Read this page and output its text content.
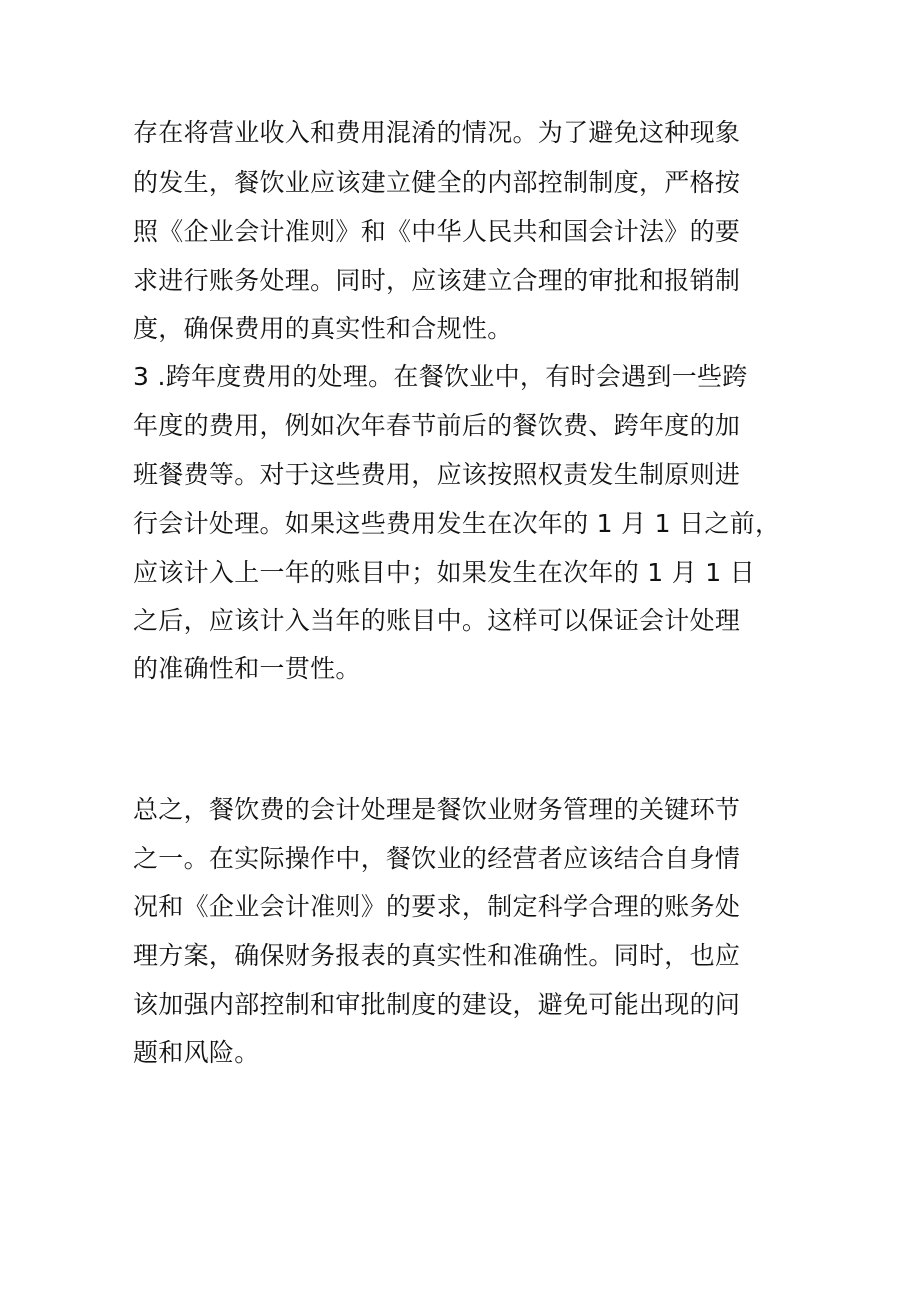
存在将营业收入和费用混淆的情况。为了避免这种现象
的发生，餐饮业应该建立健全的内部控制制度，严格按
照《企业会计准则》和《中华人民共和国会计法》的要
求进行账务处理。同时，应该建立合理的审批和报销制
度，确保费用的真实性和合规性。
3 .跨年度费用的处理。在餐饮业中，有时会遇到一些跨
年度的费用，例如次年春节前后的餐饮费、跨年度的加
班餐费等。对于这些费用，应该按照权责发生制原则进
行会计处理。如果这些费用发生在次年的 1 月 1 日之前，
应该计入上一年的账目中；如果发生在次年的 1 月 1 日
之后，应该计入当年的账目中。这样可以保证会计处理
的准确性和一贯性。
总之，餐饮费的会计处理是餐饮业财务管理的关键环节
之一。在实际操作中，餐饮业的经营者应该结合自身情
况和《企业会计准则》的要求，制定科学合理的账务处
理方案，确保财务报表的真实性和准确性。同时，也应
该加强内部控制和审批制度的建设，避免可能出现的问
题和风险。
